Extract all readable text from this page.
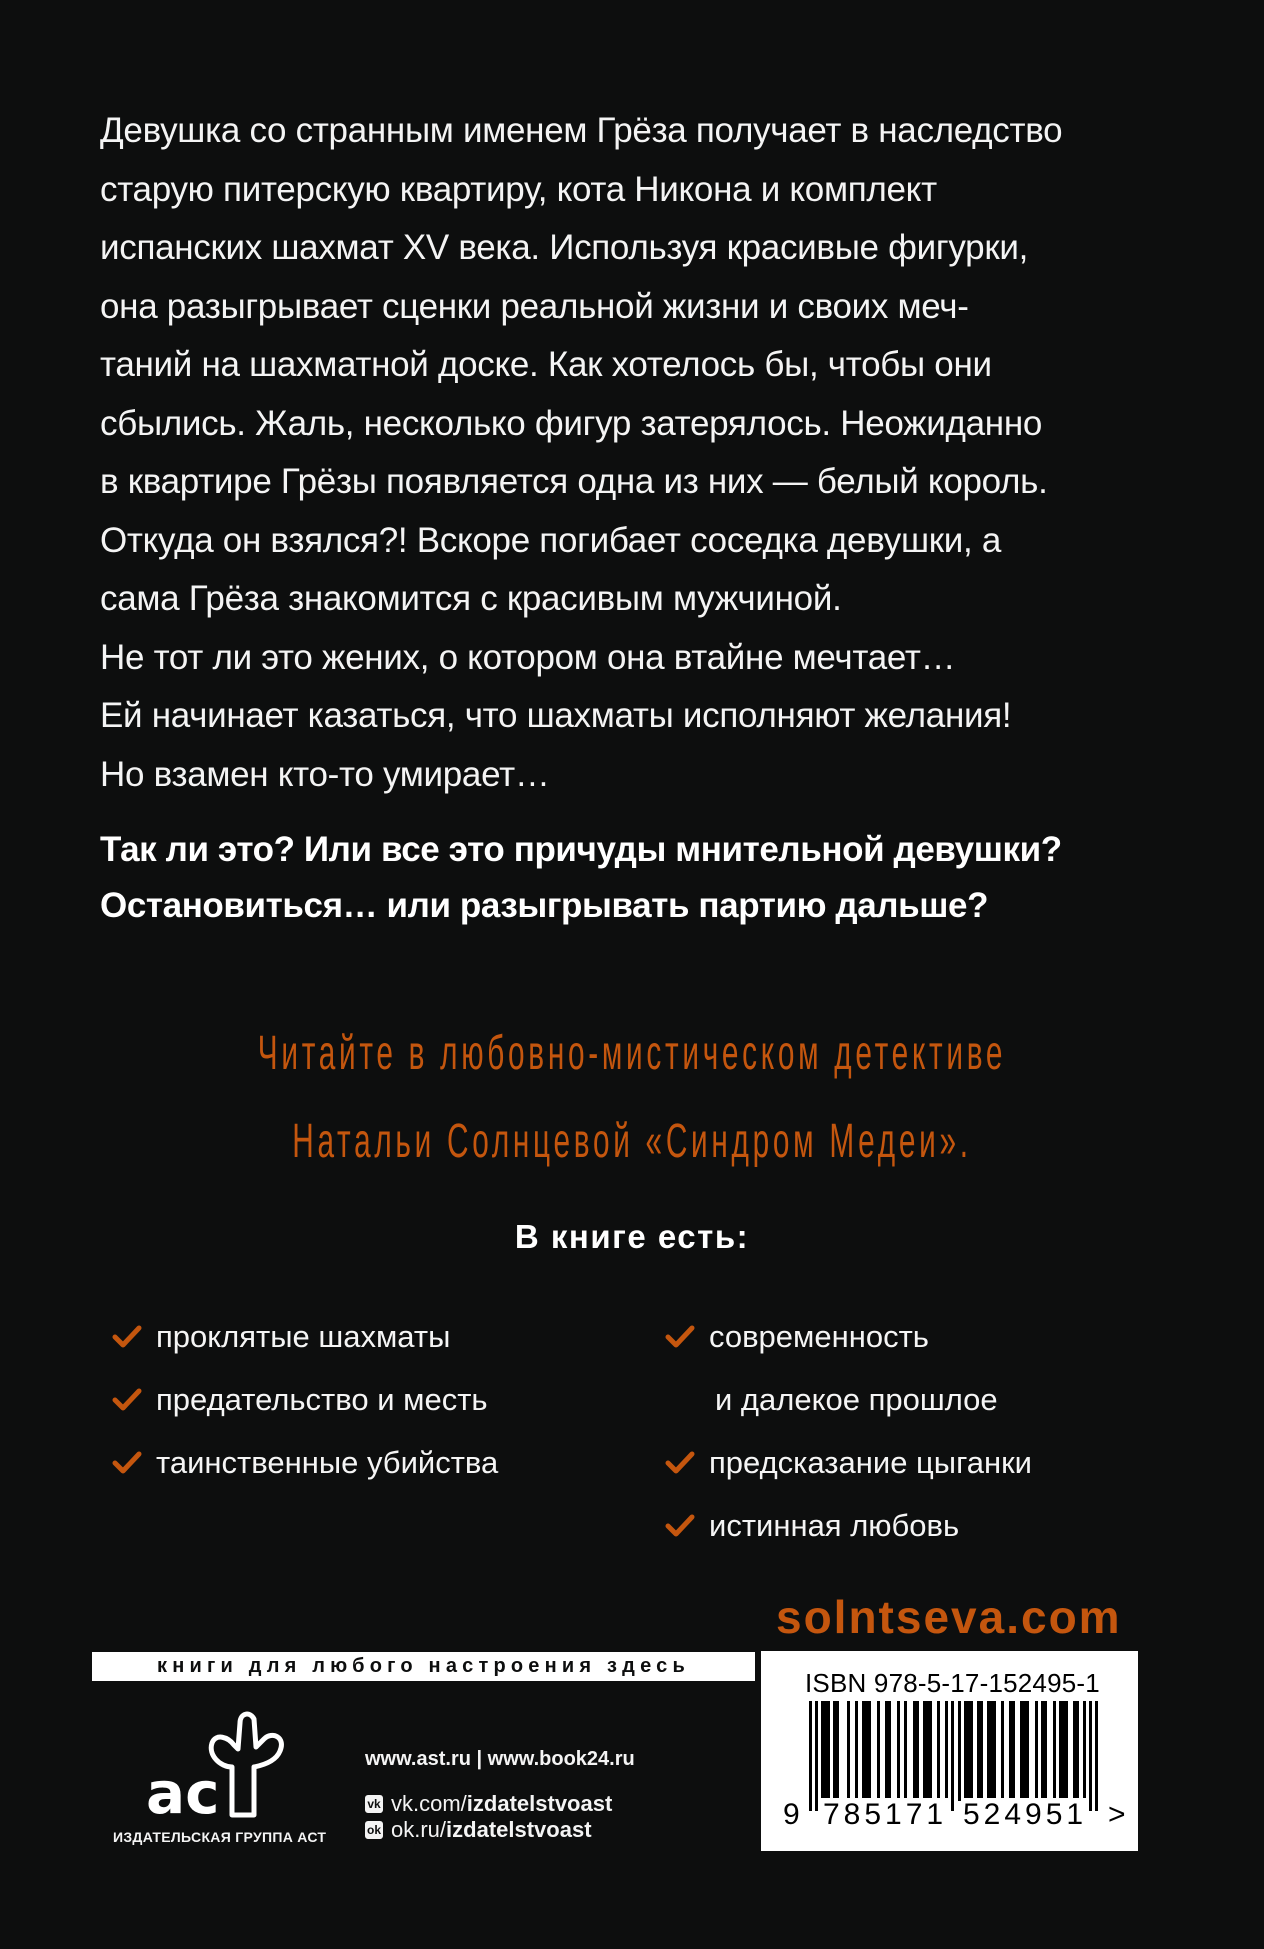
Девушка со странным именем Грёза получает в наследство

старую питерскую квартиру, кота Никона и комплект

испанских шахмат XV века. Используя красивые фигурки,

она разыгрывает сценки реальной жизни и своих меч-

таний на шахматной доске. Как хотелось бы, чтобы они

сбылись. Жаль, несколько фигур затерялось. Неожиданно

в квартире Грёзы появляется одна из них — белый король.

Откуда он взялся?! Вскоре погибает соседка девушки, а

сама Грёза знакомится с красивым мужчиной.

Не тот ли это жених, о котором она втайне мечтает…

Ей начинает казаться, что шахматы исполняют желания!

Но взамен кто-то умирает…

Так ли это? Или все это причуды мнительной девушки?

Остановиться… или разыгрывать партию дальше?

Читайте в любовно-мистическом детективе

Натальи Солнцевой «Синдром Медеи».

В книге есть:
проклятые шахматы
предательство и месть
таинственные убийства
современность
и далекое прошлое
предсказание цыганки
истинная любовь
solntseva.com
книги для любого настроения здесь
ac
ИЗДАТЕЛЬСКАЯ ГРУППА АСТ
www.ast.ru | www.book24.ru
vk vk.com/ izdatelstvoast
ok ok.ru/ izdatelstvoast
ISBN 978-5-17-152495-1
9 785171 524951 >
